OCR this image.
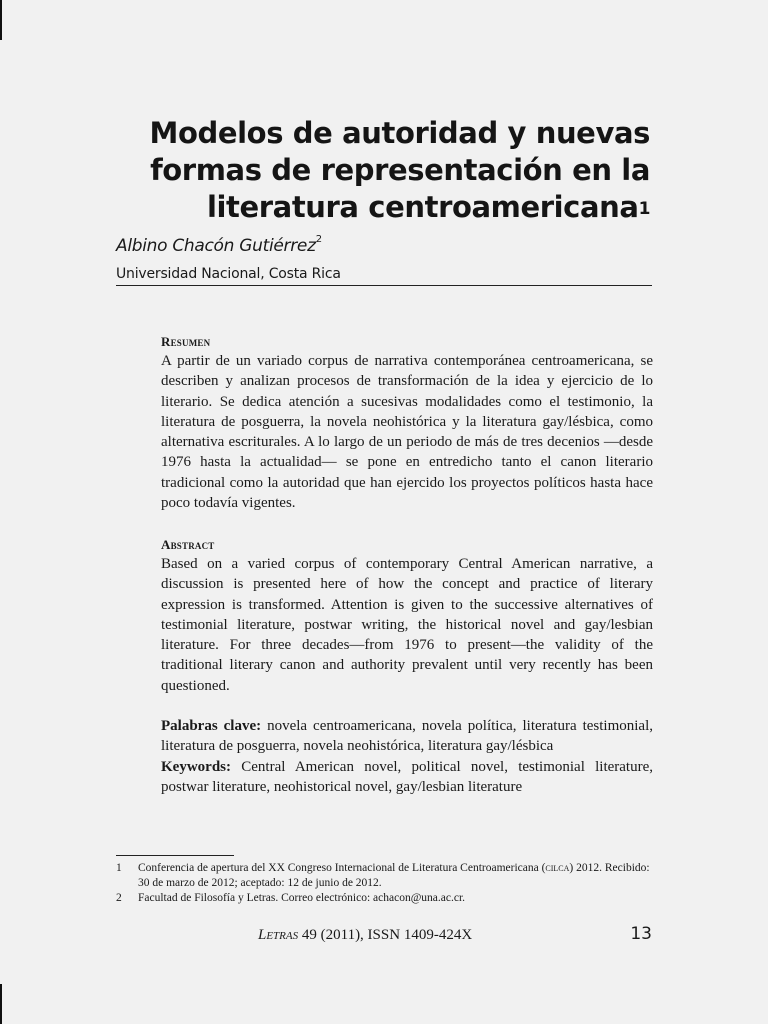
Modelos de autoridad y nuevas formas de representación en la literatura centroamericana$^1$
Albino Chacón Gutiérrez$^2$
Universidad Nacional, Costa Rica
Resumen

A partir de un variado corpus de narrativa contemporánea centroamericana, se describen y analizan procesos de transformación de la idea y ejercicio de lo literario. Se dedica atención a sucesivas modalidades como el testimonio, la literatura de posguerra, la novela neohistórica y la literatura gay/lésbica, como alternativa escriturales. A lo largo de un periodo de más de tres decenios —desde 1976 hasta la actualidad— se pone en entredicho tanto el canon literario tradicional como la autoridad que han ejercido los proyectos políticos hasta hace poco todavía vigentes.

Abstract

Based on a varied corpus of contemporary Central American narrative, a discussion is presented here of how the concept and practice of literary expression is transformed. Attention is given to the successive alternatives of testimonial literature, postwar writing, the historical novel and gay/lesbian literature. For three decades—from 1976 to present—the validity of the traditional literary canon and authority prevalent until very recently has been questioned.

Palabras clave: novela centroamericana, novela política, literatura testimonial, literatura de posguerra, novela neohistórica, literatura gay/lésbica

Keywords: Central American novel, political novel, testimonial literature, postwar literature, neohistorical novel, gay/lesbian literature

1	Conferencia de apertura del XX Congreso Internacional de Literatura Centroamericana (cilca) 2012. Recibido: 30 de marzo de 2012; aceptado: 12 de junio de 2012.
2	Facultad de Filosofía y Letras. Correo electrónico: achacon@una.ac.cr.
Letras 49 (2011), ISSN 1409-424X	13
